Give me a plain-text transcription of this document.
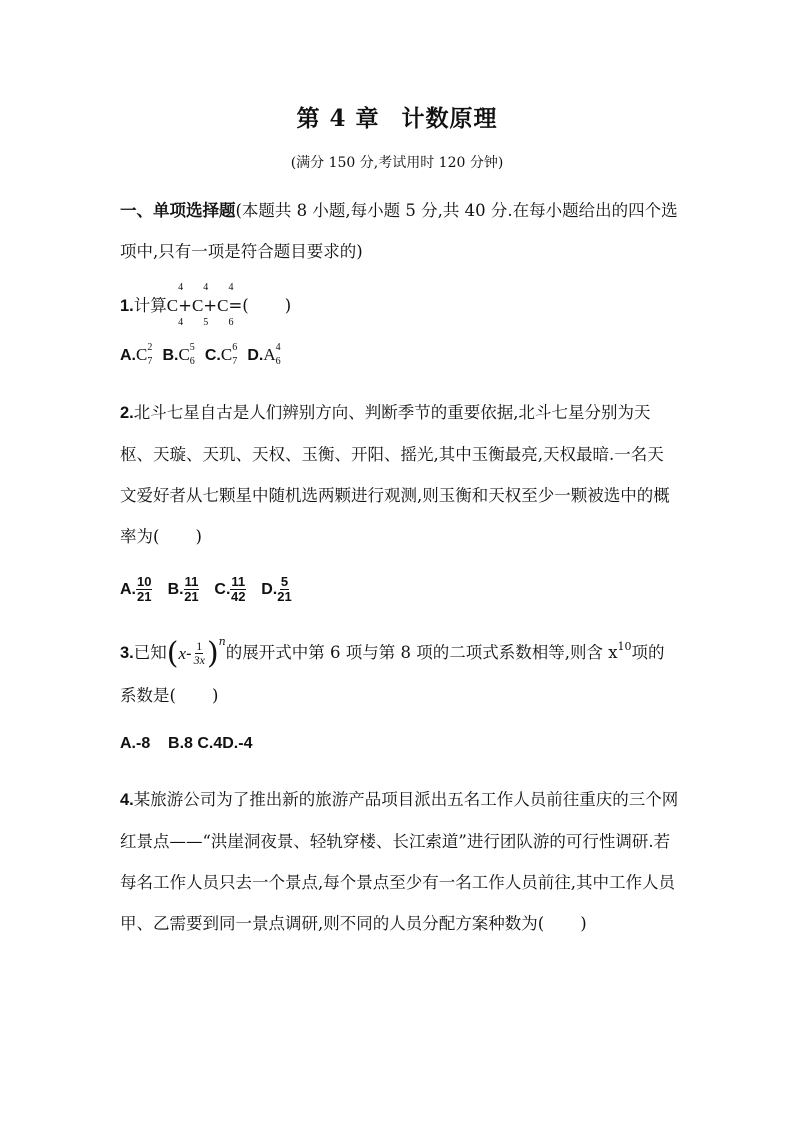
第 4 章 计数原理
(满分 150 分,考试用时 120 分钟)
一、单项选择题(本题共 8 小题,每小题 5 分,共 40 分.在每小题给出的四个选项中,只有一项是符合题目要求的)
1.计算C
4
4
+C
4
5
+C
4
6
=( )
A.C 2
7 B.C 5
6 C.C 6
7 D.A 4
6
2.北斗七星自古是人们辨别方向、判断季节的重要依据,北斗七星分别为天枢、天璇、天玑、天权、玉衡、开阳、摇光,其中玉衡最亮,天权最暗.一名天文爱好者从七颗星中随机选两颗进行观测,则玉衡和天权至少一颗被选中的概率为( )
A. $\frac{10}{21} B$. $\frac{11}{21} C$. $\frac{11}{42} D$. $\frac{5}{21}$
3.已知 ( x - 1
3x ) n
的展开式中第 6 项与第 8 项的二项式系数相等,则含 $x^{10}$项的系数是( )
A.-8    B.8 C.4D.-4
4.某旅游公司为了推出新的旅游产品项目派出五名工作人员前往重庆的三个网红景点——“洪崖洞夜景、轻轨穿楼、长江索道”进行团队游的可行性调研.若每名工作人员只去一个景点,每个景点至少有一名工作人员前往,其中工作人员甲、乙需要到同一景点调研,则不同的人员分配方案种数为( )
